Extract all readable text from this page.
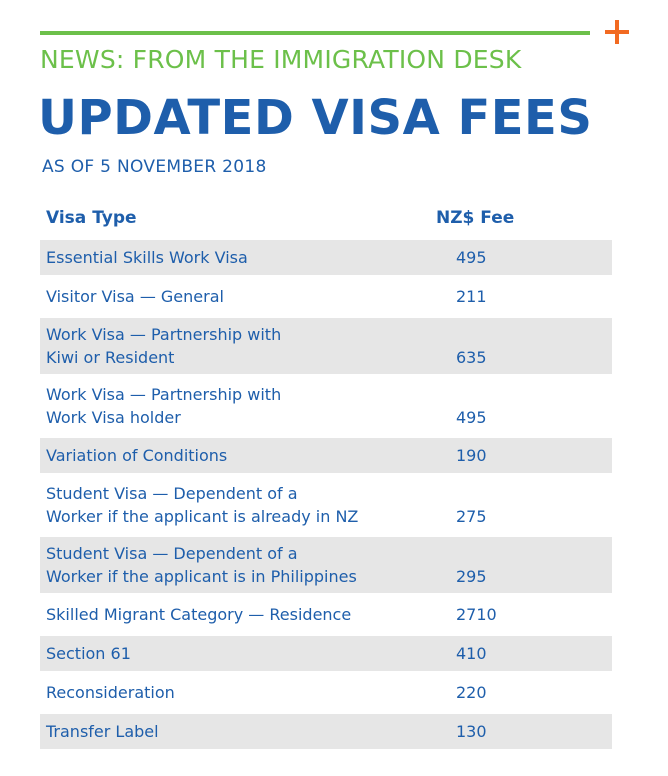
NEWS: FROM THE IMMIGRATION DESK
UPDATED VISA FEES
AS OF 5 NOVEMBER 2018
Visa Type	NZ$ Fee
Essential Skills Work Visa	495
Visitor Visa — General	211
Work Visa — Partnership with
Kiwi or Resident	635
Work Visa — Partnership with
Work Visa holder	495
Variation of Conditions	190
Student Visa — Dependent of a
Worker if the applicant is already in NZ	275
Student Visa — Dependent of a
Worker if the applicant is in Philippines	295
Skilled Migrant Category — Residence	2710
Section 61	410
Reconsideration	220
Transfer Label	130
